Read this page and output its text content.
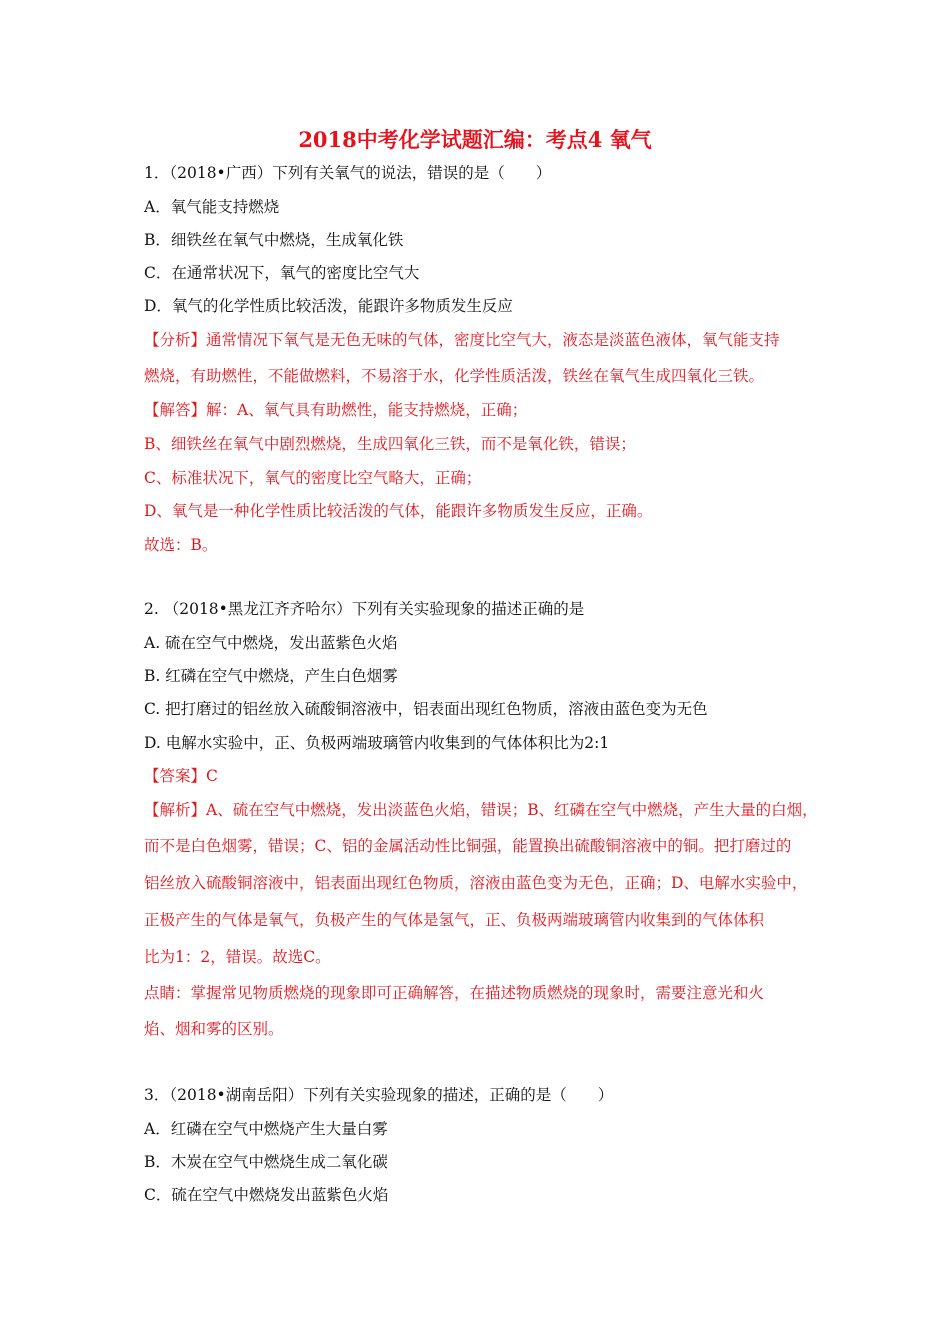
2018中考化学试题汇编：考点4 氧气
1．（2018•广西）下列有关氧气的说法，错误的是（　　）
A．氧气能支持燃烧
B．细铁丝在氧气中燃烧，生成氧化铁
C．在通常状况下，氧气的密度比空气大
D．氧气的化学性质比较活泼，能跟许多物质发生反应
【分析】通常情况下氧气是无色无味的气体，密度比空气大，液态是淡蓝色液体，氧气能支持
燃烧，有助燃性，不能做燃料，不易溶于水，化学性质活泼，铁丝在氧气生成四氧化三铁。
【解答】解：A、氧气具有助燃性，能支持燃烧，正确；
B、细铁丝在氧气中剧烈燃烧，生成四氧化三铁，而不是氧化铁，错误；
C、标准状况下，氧气的密度比空气略大，正确；
D、氧气是一种化学性质比较活泼的气体，能跟许多物质发生反应，正确。
故选：B。
2. （2018•黑龙江齐齐哈尔）下列有关实验现象的描述正确的是
A. 硫在空气中燃烧，发出蓝紫色火焰
B. 红磷在空气中燃烧，产生白色烟雾
C. 把打磨过的铝丝放入硫酸铜溶液中，铝表面出现红色物质，溶液由蓝色变为无色
D. 电解水实验中，正、负极两端玻璃管内收集到的气体体积比为2:1
【答案】C
【解析】A、硫在空气中燃烧，发出淡蓝色火焰，错误；B、红磷在空气中燃烧，产生大量的白烟，
而不是白色烟雾，错误；C、铝的金属活动性比铜强，能置换出硫酸铜溶液中的铜。把打磨过的
铝丝放入硫酸铜溶液中，铝表面出现红色物质，溶液由蓝色变为无色，正确；D、电解水实验中，
正极产生的气体是氧气，负极产生的气体是氢气，正、负极两端玻璃管内收集到的气体体积
比为1：2，错误。故选C。
点睛：掌握常见物质燃烧的现象即可正确解答，在描述物质燃烧的现象时，需要注意光和火
焰、烟和雾的区别。
3．（2018•湖南岳阳）下列有关实验现象的描述，正确的是（　　）
A．红磷在空气中燃烧产生大量白雾
B．木炭在空气中燃烧生成二氧化碳
C．硫在空气中燃烧发出蓝紫色火焰
